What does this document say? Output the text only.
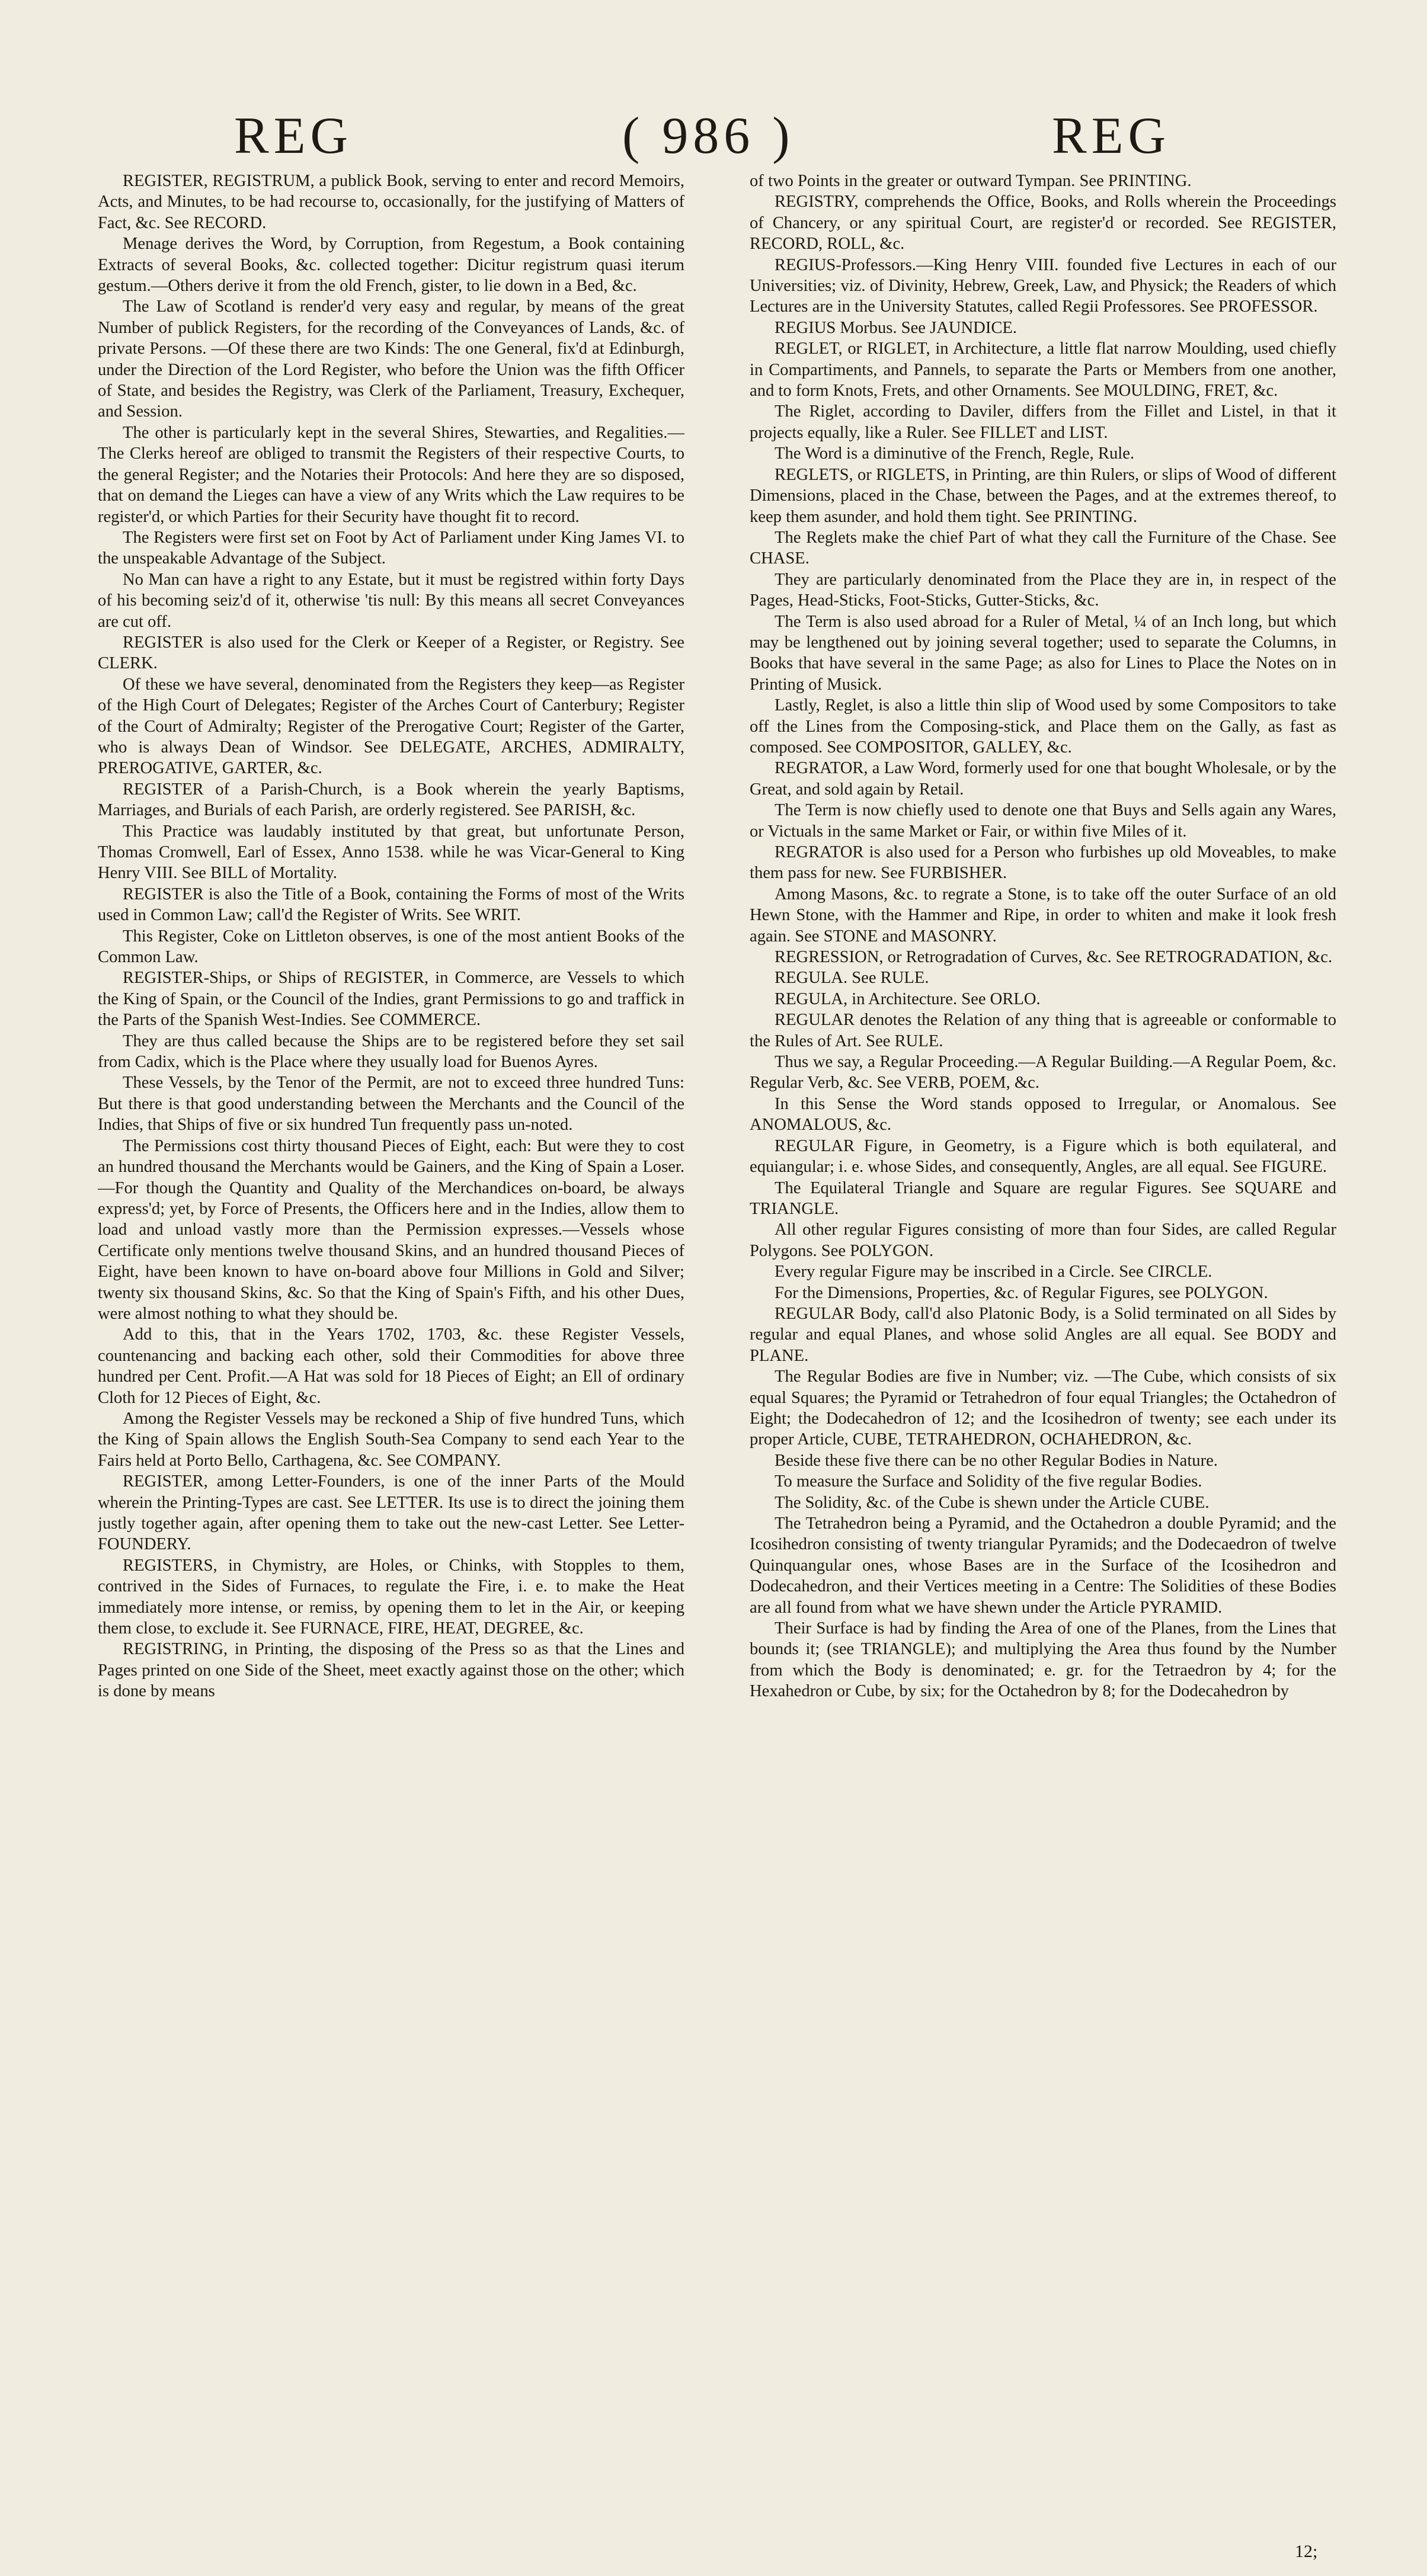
REG	( 986 )	REG

REGISTER, REGISTRUM, a publick Book, serving to enter and record Memoirs, Acts, and Minutes, to be had recourse to, occasionally, for the justifying of Matters of Fact, &c. See RECORD.

Menage derives the Word, by Corruption, from Regestum, a Book containing Extracts of several Books, &c. collected together: Dicitur registrum quasi iterum gestum.—Others derive it from the old French, gister, to lie down in a Bed, &c.

The Law of Scotland is render'd very easy and regular, by means of the great Number of publick Registers, for the recording of the Conveyances of Lands, &c. of private Persons. —Of these there are two Kinds: The one General, fix'd at Edinburgh, under the Direction of the Lord Register, who before the Union was the fifth Officer of State, and besides the Registry, was Clerk of the Parliament, Treasury, Exchequer, and Session.

The other is particularly kept in the several Shires, Stewarties, and Regalities.—The Clerks hereof are obliged to transmit the Registers of their respective Courts, to the general Register; and the Notaries their Protocols: And here they are so disposed, that on demand the Lieges can have a view of any Writs which the Law requires to be register'd, or which Parties for their Security have thought fit to record.

The Registers were first set on Foot by Act of Parliament under King James VI. to the unspeakable Advantage of the Subject.

No Man can have a right to any Estate, but it must be registred within forty Days of his becoming seiz'd of it, otherwise 'tis null: By this means all secret Conveyances are cut off.

REGISTER is also used for the Clerk or Keeper of a Register, or Registry. See CLERK.

Of these we have several, denominated from the Registers they keep—as Register of the High Court of Delegates; Register of the Arches Court of Canterbury; Register of the Court of Admiralty; Register of the Prerogative Court; Register of the Garter, who is always Dean of Windsor. See DELEGATE, ARCHES, ADMIRALTY, PREROGATIVE, GARTER, &c.

REGISTER of a Parish-Church, is a Book wherein the yearly Baptisms, Marriages, and Burials of each Parish, are orderly registered. See PARISH, &c.

This Practice was laudably instituted by that great, but unfortunate Person, Thomas Cromwell, Earl of Essex, Anno 1538. while he was Vicar-General to King Henry VIII. See BILL of Mortality.

REGISTER is also the Title of a Book, containing the Forms of most of the Writs used in Common Law; call'd the Register of Writs. See WRIT.

This Register, Coke on Littleton observes, is one of the most antient Books of the Common Law.

REGISTER-Ships, or Ships of REGISTER, in Commerce, are Vessels to which the King of Spain, or the Council of the Indies, grant Permissions to go and traffick in the Parts of the Spanish West-Indies. See COMMERCE.

They are thus called because the Ships are to be registered before they set sail from Cadix, which is the Place where they usually load for Buenos Ayres.

These Vessels, by the Tenor of the Permit, are not to exceed three hundred Tuns: But there is that good understanding between the Merchants and the Council of the Indies, that Ships of five or six hundred Tun frequently pass un-noted.

The Permissions cost thirty thousand Pieces of Eight, each: But were they to cost an hundred thousand the Merchants would be Gainers, and the King of Spain a Loser.—For though the Quantity and Quality of the Merchandices on-board, be always express'd; yet, by Force of Presents, the Officers here and in the Indies, allow them to load and unload vastly more than the Permission expresses.—Vessels whose Certificate only mentions twelve thousand Skins, and an hundred thousand Pieces of Eight, have been known to have on-board above four Millions in Gold and Silver; twenty six thousand Skins, &c. So that the King of Spain's Fifth, and his other Dues, were almost nothing to what they should be.

Add to this, that in the Years 1702, 1703, &c. these Register Vessels, countenancing and backing each other, sold their Commodities for above three hundred per Cent. Profit.—A Hat was sold for 18 Pieces of Eight; an Ell of ordinary Cloth for 12 Pieces of Eight, &c.

Among the Register Vessels may be reckoned a Ship of five hundred Tuns, which the King of Spain allows the English South-Sea Company to send each Year to the Fairs held at Porto Bello, Carthagena, &c. See COMPANY.

REGISTER, among Letter-Founders, is one of the inner Parts of the Mould wherein the Printing-Types are cast. See LETTER. Its use is to direct the joining them justly together again, after opening them to take out the new-cast Letter. See Letter-FOUNDERY.

REGISTERS, in Chymistry, are Holes, or Chinks, with Stopples to them, contrived in the Sides of Furnaces, to regulate the Fire, i. e. to make the Heat immediately more intense, or remiss, by opening them to let in the Air, or keeping them close, to exclude it. See FURNACE, FIRE, HEAT, DEGREE, &c.

REGISTRING, in Printing, the disposing of the Press so as that the Lines and Pages printed on one Side of the Sheet, meet exactly against those on the other; which is done by means

of two Points in the greater or outward Tympan. See PRINTING.

REGISTRY, comprehends the Office, Books, and Rolls wherein the Proceedings of Chancery, or any spiritual Court, are register'd or recorded. See REGISTER, RECORD, ROLL, &c.

REGIUS-Professors.—King Henry VIII. founded five Lectures in each of our Universities; viz. of Divinity, Hebrew, Greek, Law, and Physick; the Readers of which Lectures are in the University Statutes, called Regii Professores. See PROFESSOR.

REGIUS Morbus. See JAUNDICE.

REGLET, or RIGLET, in Architecture, a little flat narrow Moulding, used chiefly in Compartiments, and Pannels, to separate the Parts or Members from one another, and to form Knots, Frets, and other Ornaments. See MOULDING, FRET, &c.

The Riglet, according to Daviler, differs from the Fillet and Listel, in that it projects equally, like a Ruler. See FILLET and LIST.

The Word is a diminutive of the French, Regle, Rule.

REGLETS, or RIGLETS, in Printing, are thin Rulers, or slips of Wood of different Dimensions, placed in the Chase, between the Pages, and at the extremes thereof, to keep them asunder, and hold them tight. See PRINTING.

The Reglets make the chief Part of what they call the Furniture of the Chase. See CHASE.

They are particularly denominated from the Place they are in, in respect of the Pages, Head-Sticks, Foot-Sticks, Gutter-Sticks, &c.

The Term is also used abroad for a Ruler of Metal, ¼ of an Inch long, but which may be lengthened out by joining several together; used to separate the Columns, in Books that have several in the same Page; as also for Lines to Place the Notes on in Printing of Musick.

Lastly, Reglet, is also a little thin slip of Wood used by some Compositors to take off the Lines from the Composing-stick, and Place them on the Gally, as fast as composed. See COMPOSITOR, GALLEY, &c.

REGRATOR, a Law Word, formerly used for one that bought Wholesale, or by the Great, and sold again by Retail.

The Term is now chiefly used to denote one that Buys and Sells again any Wares, or Victuals in the same Market or Fair, or within five Miles of it.

REGRATOR is also used for a Person who furbishes up old Moveables, to make them pass for new. See FURBISHER.

Among Masons, &c. to regrate a Stone, is to take off the outer Surface of an old Hewn Stone, with the Hammer and Ripe, in order to whiten and make it look fresh again. See STONE and MASONRY.

REGRESSION, or Retrogradation of Curves, &c. See RETROGRADATION, &c.

REGULA. See RULE.

REGULA, in Architecture. See ORLO.

REGULAR denotes the Relation of any thing that is agreeable or conformable to the Rules of Art. See RULE.

Thus we say, a Regular Proceeding.—A Regular Building.—A Regular Poem, &c. Regular Verb, &c. See VERB, POEM, &c.

In this Sense the Word stands opposed to Irregular, or Anomalous. See ANOMALOUS, &c.

REGULAR Figure, in Geometry, is a Figure which is both equilateral, and equiangular; i. e. whose Sides, and consequently, Angles, are all equal. See FIGURE.

The Equilateral Triangle and Square are regular Figures. See SQUARE and TRIANGLE.

All other regular Figures consisting of more than four Sides, are called Regular Polygons. See POLYGON.

Every regular Figure may be inscribed in a Circle. See CIRCLE.

For the Dimensions, Properties, &c. of Regular Figures, see POLYGON.

REGULAR Body, call'd also Platonic Body, is a Solid terminated on all Sides by regular and equal Planes, and whose solid Angles are all equal. See BODY and PLANE.

The Regular Bodies are five in Number; viz. —The Cube, which consists of six equal Squares; the Pyramid or Tetrahedron of four equal Triangles; the Octahedron of Eight; the Dodecahedron of 12; and the Icosihedron of twenty; see each under its proper Article, CUBE, TETRAHEDRON, OCHAHEDRON, &c.

Beside these five there can be no other Regular Bodies in Nature.

To measure the Surface and Solidity of the five regular Bodies.

The Solidity, &c. of the Cube is shewn under the Article CUBE.

The Tetrahedron being a Pyramid, and the Octahedron a double Pyramid; and the Icosihedron consisting of twenty triangular Pyramids; and the Dodecaedron of twelve Quinquangular ones, whose Bases are in the Surface of the Icosihedron and Dodecahedron, and their Vertices meeting in a Centre: The Solidities of these Bodies are all found from what we have shewn under the Article PYRAMID.

Their Surface is had by finding the Area of one of the Planes, from the Lines that bounds it; (see TRIANGLE); and multiplying the Area thus found by the Number from which the Body is denominated; e. gr. for the Tetraedron by 4; for the Hexahedron or Cube, by six; for the Octahedron by 8; for the Dodecahedron by

12;
